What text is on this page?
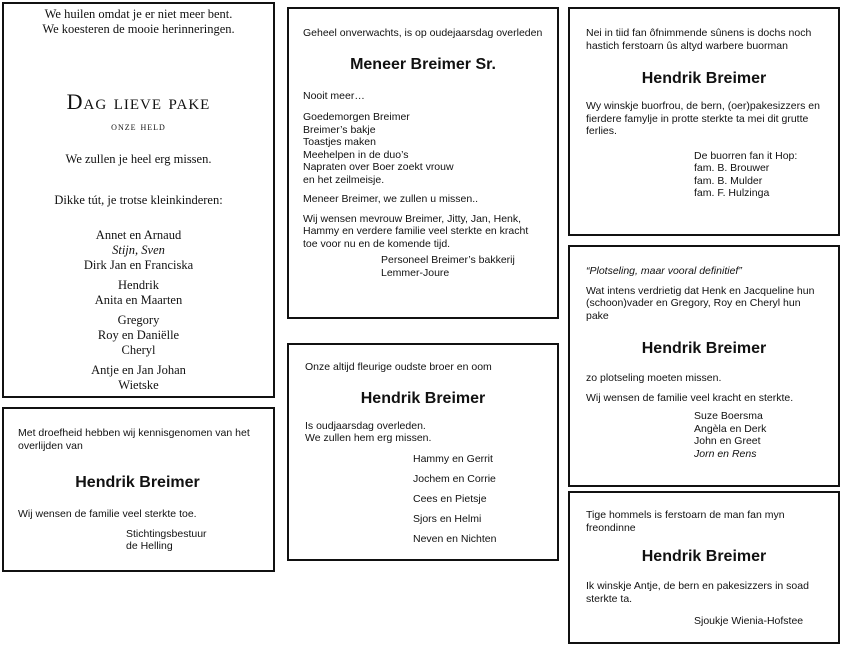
We huilen omdat je er niet meer bent.

We koesteren de mooie herinneringen.

Dag lieve pake

onze held

We zullen je heel erg missen.

Dikke tút, je trotse kleinkinderen:

Annet en Arnaud

Stijn, Sven

Dirk Jan en Franciska

Hendrik

Anita en Maarten

Gregory

Roy en Daniëlle

Cheryl

Antje en Jan Johan

Wietske

Geheel onverwachts, is op oudejaarsdag overleden

Meneer Breimer Sr.

Nooit meer…

Goedemorgen Breimer

Breimer’s bakje

Toastjes maken

Meehelpen in de duo’s

Napraten over Boer zoekt vrouw

en het zeilmeisje.

Meneer Breimer, we zullen u missen..

Wij wensen mevrouw Breimer, Jitty, Jan, Henk, Hammy en verdere familie veel sterkte en kracht toe voor nu en de komende tijd.

Personeel Breimer’s bakkerij

Lemmer-Joure

Nei in tiid fan ôfnimmende sûnens is dochs noch hastich ferstoarn ûs altyd warbere buorman

Hendrik Breimer

Wy winskje buorfrou, de bern, (oer)pakesizzers en fierdere famylje in protte sterkte ta mei dit grutte ferlies.

De buorren fan it Hop:

fam. B. Brouwer

fam. B. Mulder

fam. F. Hulzinga

“Plotseling, maar vooral definitief”

Wat intens verdrietig dat Henk en Jacqueline hun (schoon)vader en Gregory, Roy en Cheryl hun pake

Hendrik Breimer

zo plotseling moeten missen.

Wij wensen de familie veel kracht en sterkte.

Suze Boersma

Angèla en Derk

John en Greet

Jorn en Rens

Onze altijd fleurige oudste broer en oom

Hendrik Breimer

Is oudjaarsdag overleden.

We zullen hem erg missen.

Hammy en Gerrit

Jochem en Corrie

Cees en Pietsje

Sjors en Helmi

Neven en Nichten

Met droefheid hebben wij kennisgenomen van het overlijden van

Hendrik Breimer

Wij wensen de familie veel sterkte toe.

Stichtingsbestuur

de Helling

Tige hommels is ferstoarn de man fan myn freondinne

Hendrik Breimer

Ik winskje Antje, de bern en pakesizzers in soad sterkte ta.

Sjoukje Wienia-Hofstee
